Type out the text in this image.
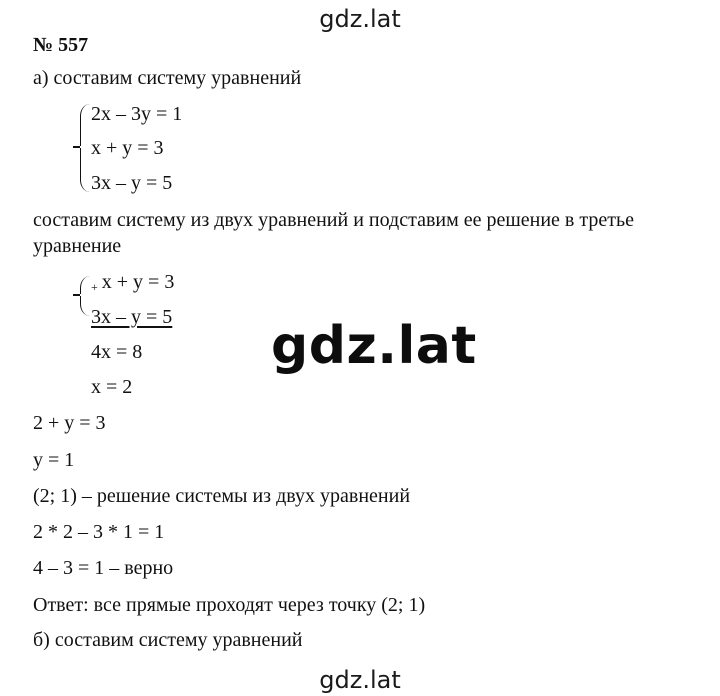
gdz.lat
№ 557
а) составим систему уравнений
2x – 3y = 1
x + y = 3
3x – y = 5
составим систему из двух уравнений и подставим ее решение в третье
уравнение
+ x + y = 3
3x – y = 5
4x = 8
x = 2
gdz.lat
2 + y = 3
y = 1
(2; 1) – решение системы из двух уравнений
2 * 2 – 3 * 1 = 1
4 – 3 = 1 – верно
Ответ: все прямые проходят через точку (2; 1)
б) составим систему уравнений
gdz.lat
